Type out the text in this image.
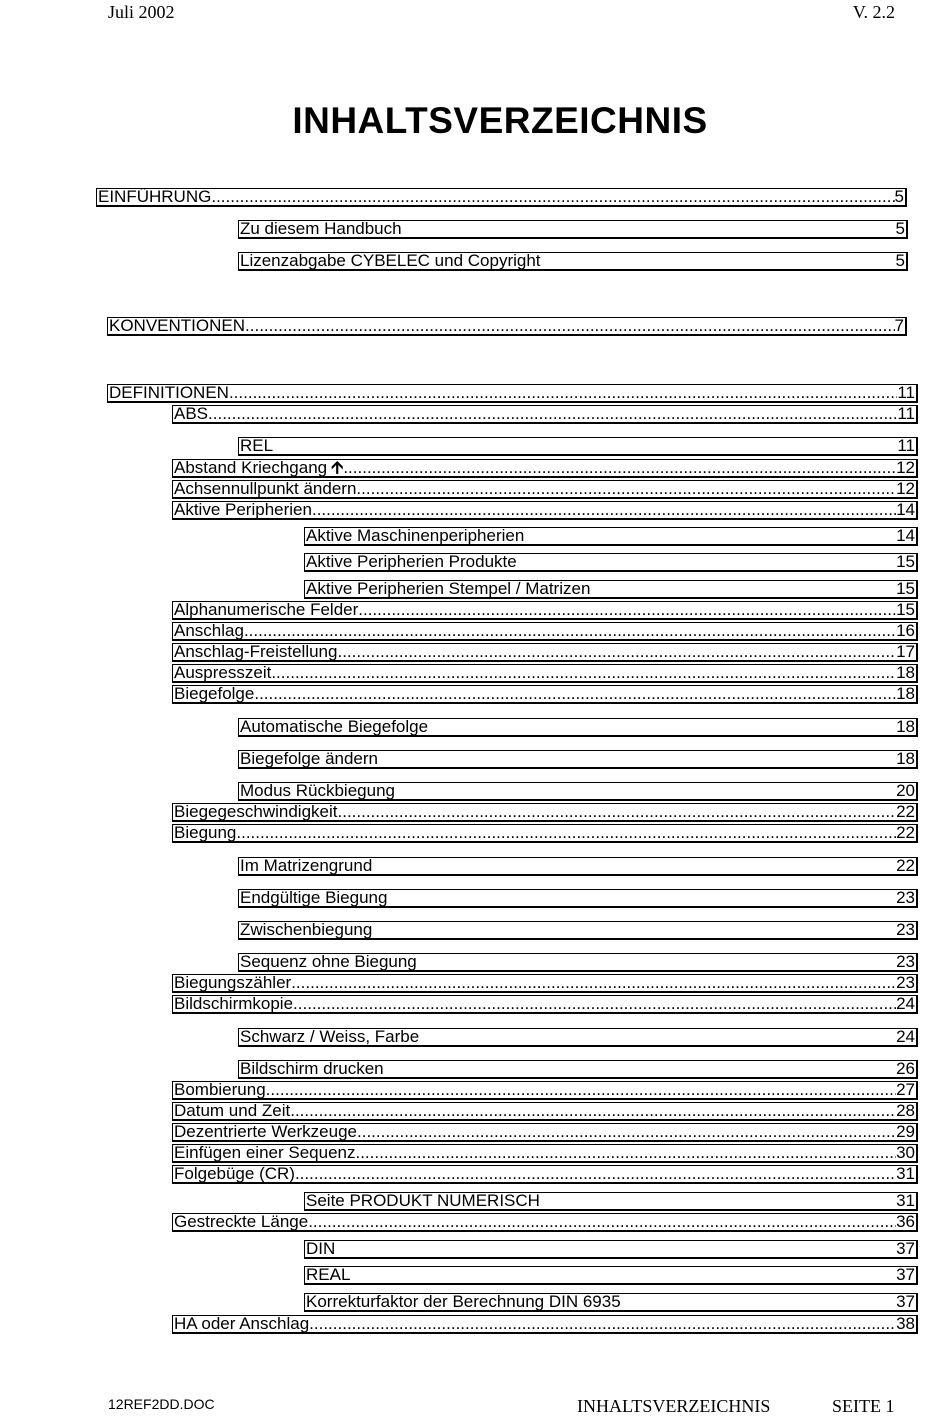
Juli 2002	V. 2.2
INHALTSVERZEICHNIS
EINFÜHRUNG .....	5
Zu diesem Handbuch	5
Lizenzabgabe CYBELEC und Copyright	5
KONVENTIONEN .....	7
DEFINITIONEN .....	11
ABS .....	11
REL	11
Abstand Kriechgang 🡩 .....	12
Achsennullpunkt ändern .....	12
Aktive Peripherien .....	14
Aktive Maschinenperipherien	14
Aktive Peripherien Produkte	15
Aktive Peripherien Stempel / Matrizen	15
Alphanumerische Felder .....	15
Anschlag .....	16
Anschlag-Freistellung .....	17
Auspresszeit .....	18
Biegefolge .....	18
Automatische Biegefolge	18
Biegefolge ändern	18
Modus Rückbiegung	20
Biegegeschwindigkeit .....	22
Biegung .....	22
Im Matrizengrund	22
Endgültige Biegung	23
Zwischenbiegung	23
Sequenz ohne Biegung	23
Biegungszähler .....	23
Bildschirmkopie .....	24
Schwarz / Weiss, Farbe	24
Bildschirm drucken	26
Bombierung .....	27
Datum und Zeit .....	28
Dezentrierte Werkzeuge .....	29
Einfügen einer Sequenz .....	30
Folgebüge (CR) .....	31
Seite PRODUKT NUMERISCH	31
Gestreckte Länge .....	36
DIN	37
REAL	37
Korrekturfaktor der Berechnung DIN 6935	37
HA oder Anschlag .....	38
12REF2DD.DOC	INHALTSVERZEICHNIS	SEITE 1
